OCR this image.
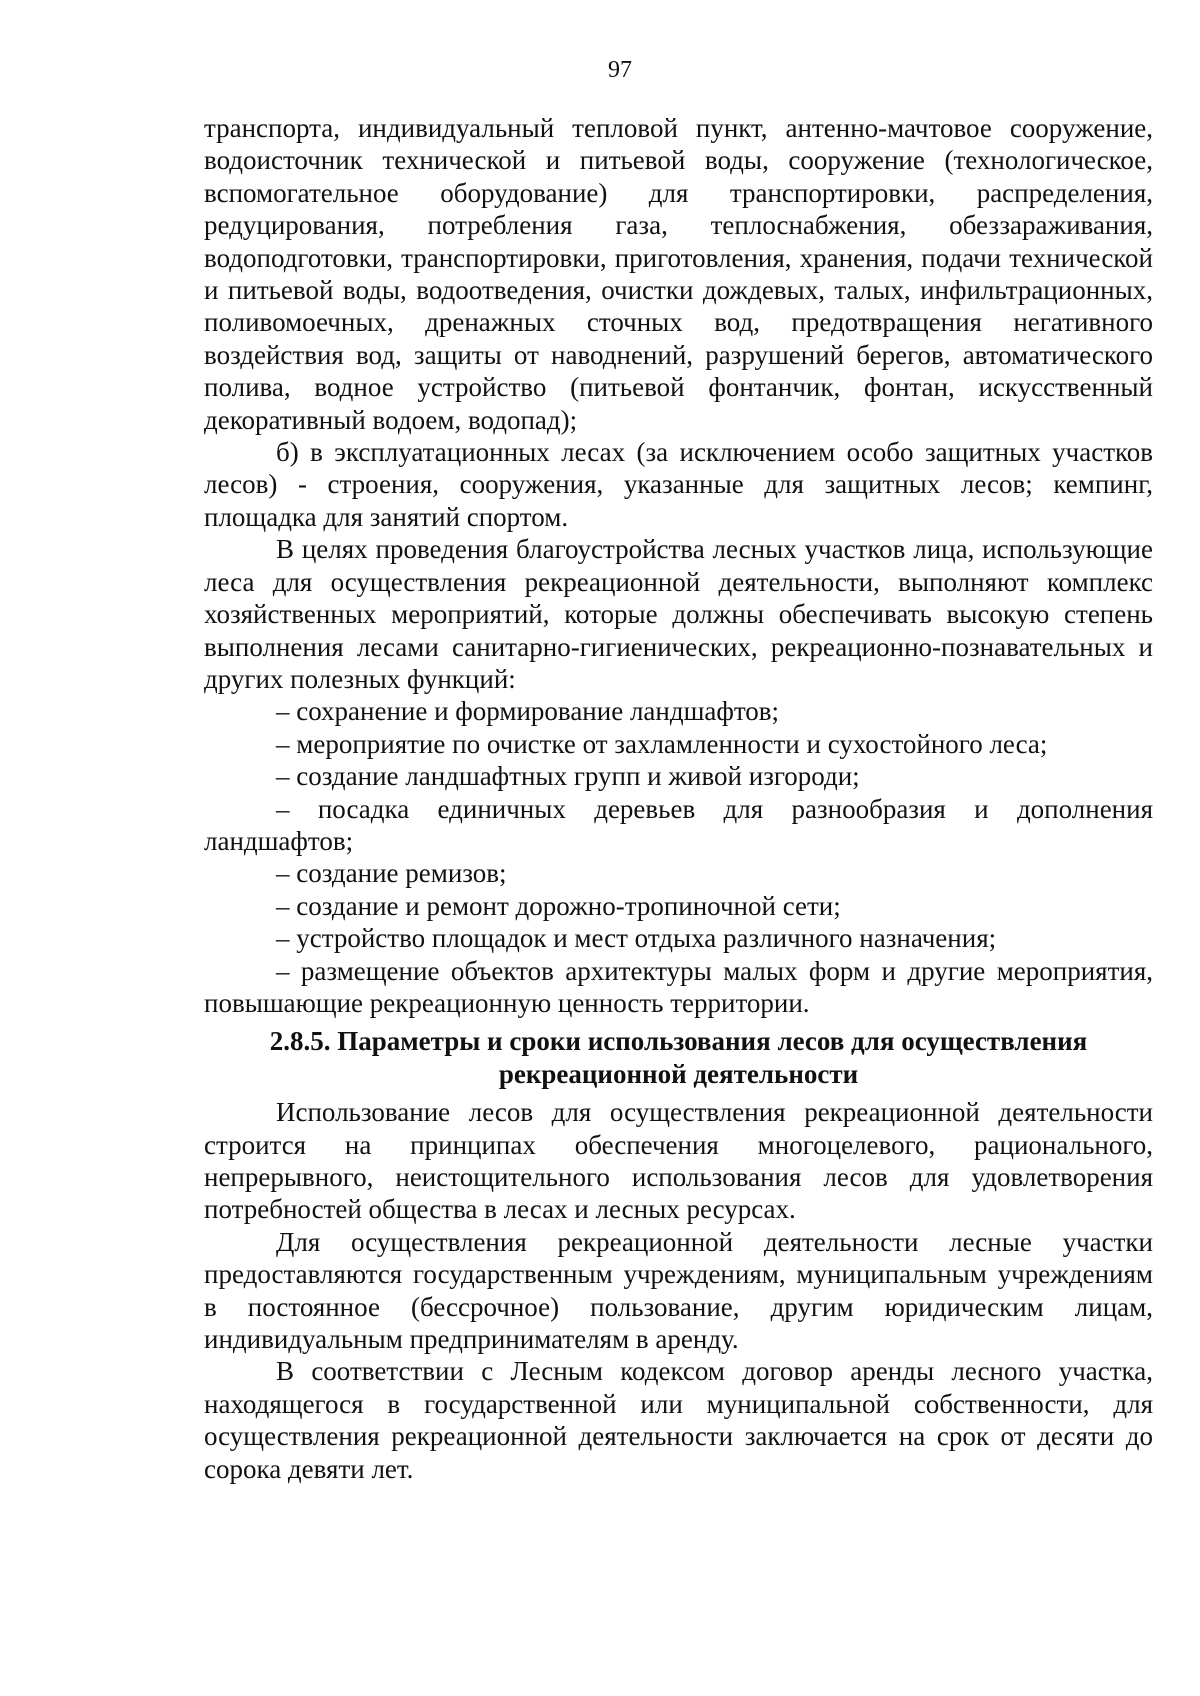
97

транспорта, индивидуальный тепловой пункт, антенно-мачтовое сооружение, водоисточник технической и питьевой воды, сооружение (технологическое, вспомогательное оборудование) для транспортировки, распределения, редуцирования, потребления газа, теплоснабжения, обеззараживания, водоподготовки, транспортировки, приготовления, хранения, подачи технической и питьевой воды, водоотведения, очистки дождевых, талых, инфильтрационных, поливомоечных, дренажных сточных вод, предотвращения негативного воздействия вод, защиты от наводнений, разрушений берегов, автоматического полива, водное устройство (питьевой фонтанчик, фонтан, искусственный декоративный водоем, водопад);

б) в эксплуатационных лесах (за исключением особо защитных участков лесов) - строения, сооружения, указанные для защитных лесов; кемпинг, площадка для занятий спортом.

В целях проведения благоустройства лесных участков лица, использующие леса для осуществления рекреационной деятельности, выполняют комплекс хозяйственных мероприятий, которые должны обеспечивать высокую степень выполнения лесами санитарно-гигиенических, рекреационно-познавательных и других полезных функций:

– сохранение и формирование ландшафтов;

– мероприятие по очистке от захламленности и сухостойного леса;

– создание ландшафтных групп и живой изгороди;

– посадка единичных деревьев для разнообразия и дополнения ландшафтов;

– создание ремизов;

– создание и ремонт дорожно-тропиночной сети;

– устройство площадок и мест отдыха различного назначения;

– размещение объектов архитектуры малых форм и другие мероприятия, повышающие рекреационную ценность территории.

2.8.5. Параметры и сроки использования лесов для осуществления
рекреационной деятельности

Использование лесов для осуществления рекреационной деятельности строится на принципах обеспечения многоцелевого, рационального, непрерывного, неистощительного использования лесов для удовлетворения потребностей общества в лесах и лесных ресурсах.

Для осуществления рекреационной деятельности лесные участки предоставляются государственным учреждениям, муниципальным учреждениям в постоянное (бессрочное) пользование, другим юридическим лицам, индивидуальным предпринимателям в аренду.

В соответствии с Лесным кодексом договор аренды лесного участка, находящегося в государственной или муниципальной собственности, для осуществления рекреационной деятельности заключается на срок от десяти до сорока девяти лет.
